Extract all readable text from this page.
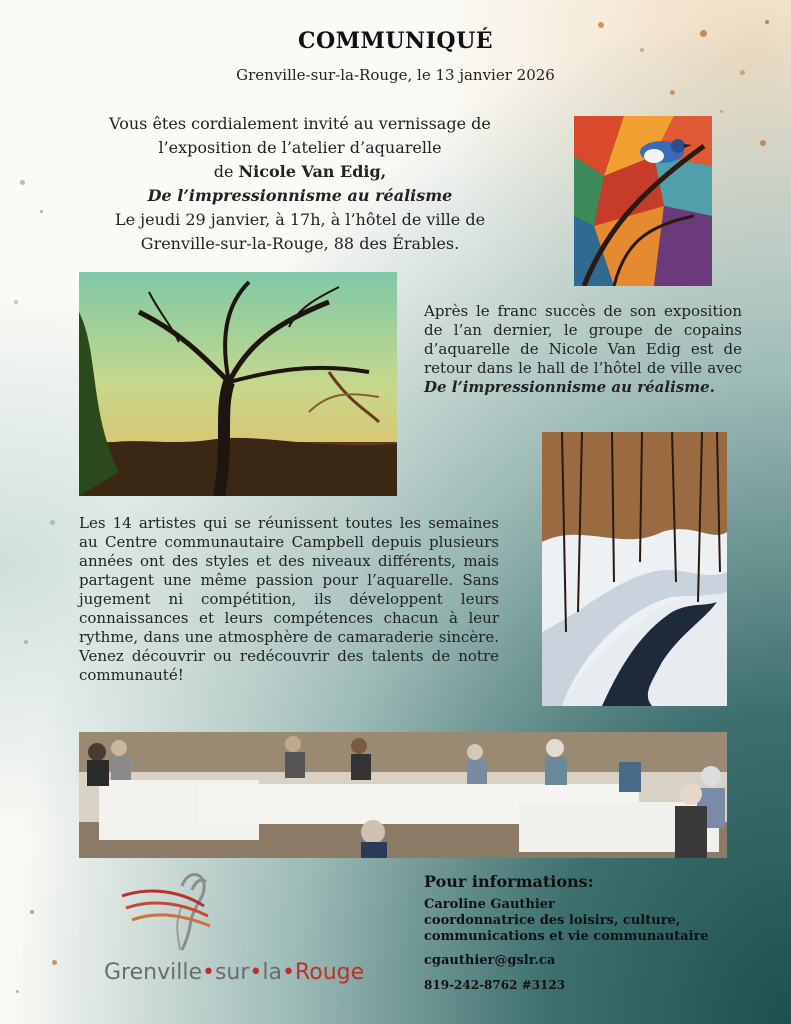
COMMUNIQUÉ
Grenville-sur-la-Rouge, le 13 janvier 2026
Vous êtes cordialement invité au vernissage de
l’exposition de l’atelier d’aquarelle
de Nicole Van Edig,
De l’impressionnisme au réalisme
Le jeudi 29 janvier, à 17h, à l’hôtel de ville de
Grenville-sur-la-Rouge, 88 des Érables.
Après le franc succès de son exposition de l’an dernier, le groupe de copains d’aquarelle de Nicole Van Edig est de retour dans le hall de l’hôtel de ville avec De l’impressionnisme au réalisme.
Les 14 artistes qui se réunissent toutes les semaines au Centre communautaire Campbell depuis plusieurs années ont des styles et des niveaux différents, mais partagent une même passion pour l’aquarelle. Sans jugement ni compétition, ils développent leurs connaissances et leurs compétences chacun à leur rythme, dans une atmosphère de camaraderie sincère. Venez découvrir ou redécouvrir des talents de notre communauté!
Grenville•sur•la•Rouge
Pour informations:
Caroline Gauthier
coordonnatrice des loisirs, culture,
communications et vie communautaire
cgauthier@gslr.ca
819-242-8762 #3123
